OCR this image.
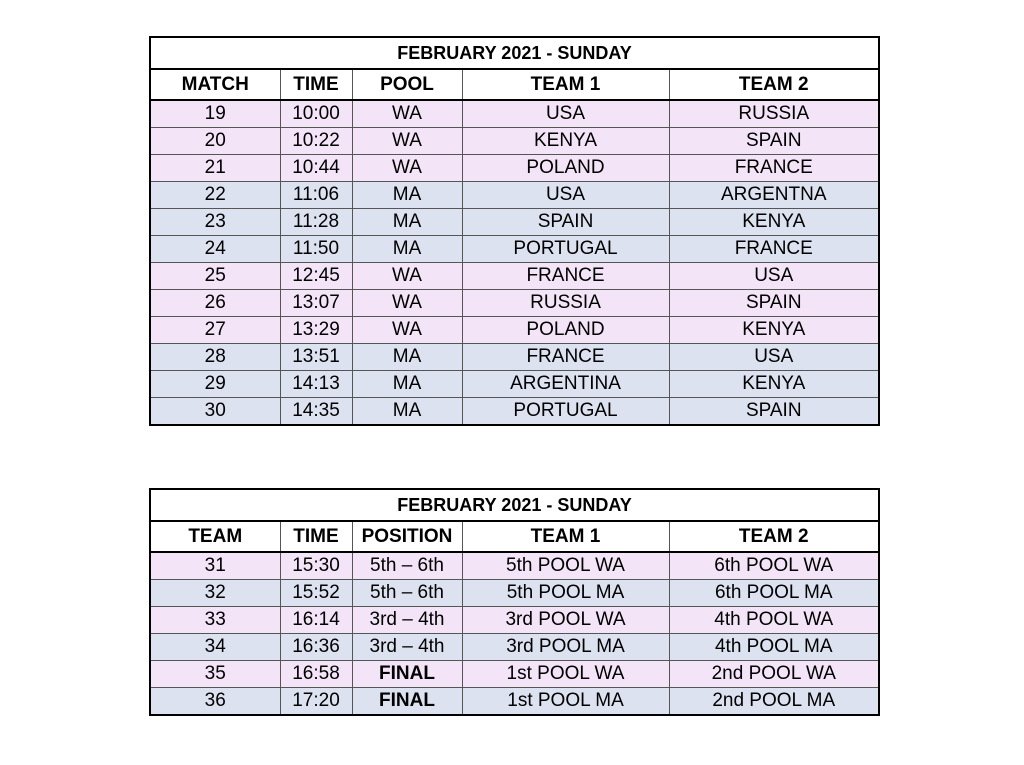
FEBRUARY 2021 - SUNDAY				
MATCH	TIME	POOL	TEAM 1	TEAM 2
19	10:00	WA	USA	RUSSIA
20	10:22	WA	KENYA	SPAIN
21	10:44	WA	POLAND	FRANCE
22	11:06	MA	USA	ARGENTNA
23	11:28	MA	SPAIN	KENYA
24	11:50	MA	PORTUGAL	FRANCE
25	12:45	WA	FRANCE	USA
26	13:07	WA	RUSSIA	SPAIN
27	13:29	WA	POLAND	KENYA
28	13:51	MA	FRANCE	USA
29	14:13	MA	ARGENTINA	KENYA
30	14:35	MA	PORTUGAL	SPAIN
FEBRUARY 2021 - SUNDAY				
TEAM	TIME	POSITION	TEAM 1	TEAM 2
31	15:30	5th – 6th	5th POOL WA	6th POOL WA
32	15:52	5th – 6th	5th POOL MA	6th POOL MA
33	16:14	3rd – 4th	3rd POOL WA	4th POOL WA
34	16:36	3rd – 4th	3rd POOL MA	4th POOL MA
35	16:58	FINAL	1st POOL WA	2nd POOL WA
36	17:20	FINAL	1st POOL MA	2nd POOL MA
